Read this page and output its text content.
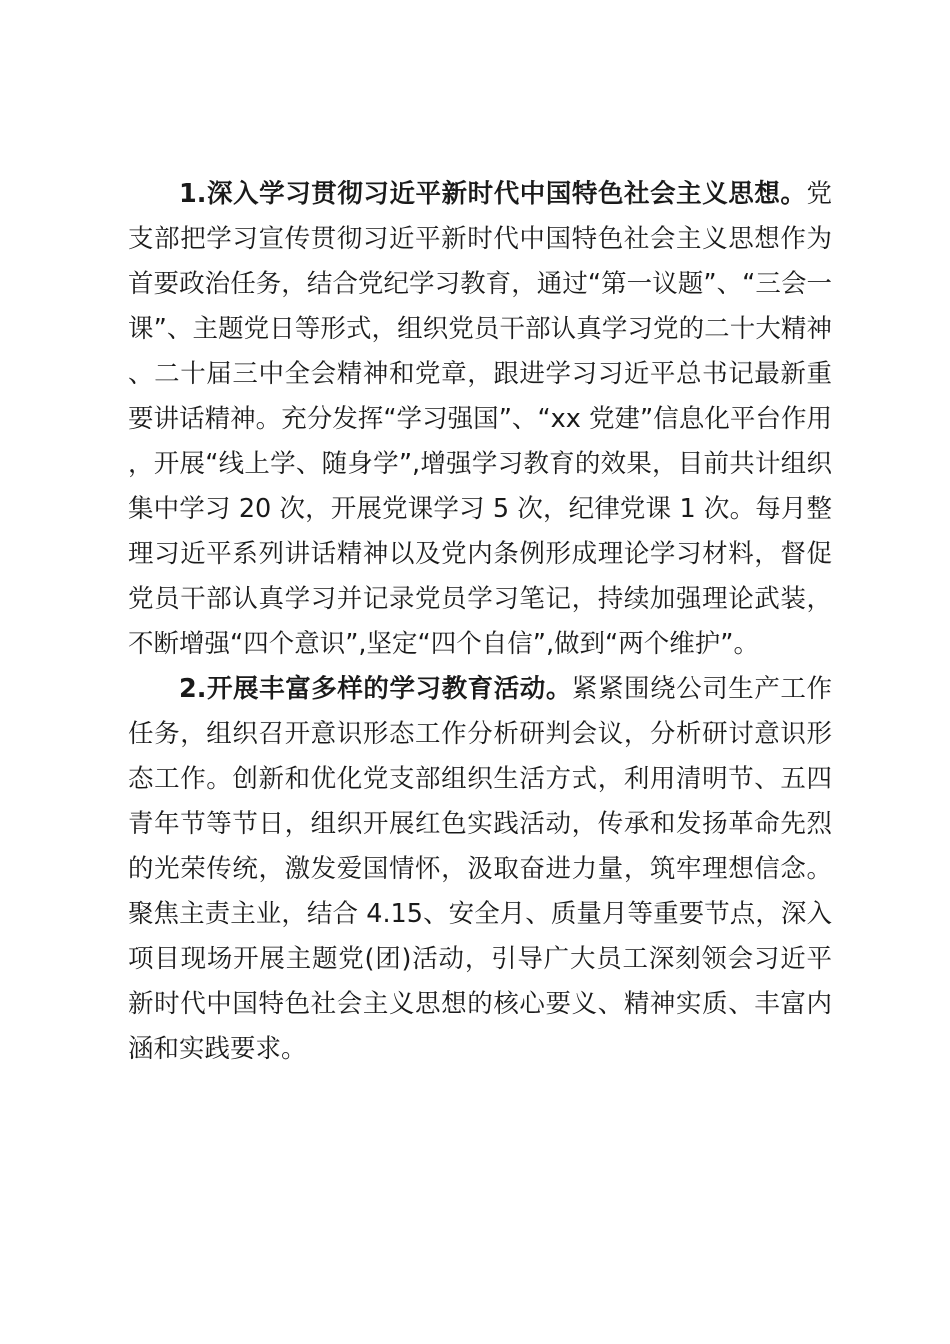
1.深入学习贯彻习近平新时代中国特色社会主义思想。党支部把学习宣传贯彻习近平新时代中国特色社会主义思想作为首要政治任务，结合党纪学习教育，通过“第一议题”、“三会一课”、主题党日等形式，组织党员干部认真学习党的二十大精神、二十届三中全会精神和党章，跟进学习习近平总书记最新重要讲话精神。充分发挥“学习强国”、“xx 党建”信息化平台作用，开展“线上学、随身学”,增强学习教育的效果，目前共计组织集中学习 20 次，开展党课学习 5 次，纪律党课 1 次。每月整理习近平系列讲话精神以及党内条例形成理论学习材料，督促党员干部认真学习并记录党员学习笔记，持续加强理论武装，不断增强“四个意识”,坚定“四个自信”,做到“两个维护”。

2.开展丰富多样的学习教育活动。紧紧围绕公司生产工作任务，组织召开意识形态工作分析研判会议，分析研讨意识形态工作。创新和优化党支部组织生活方式，利用清明节、五四青年节等节日，组织开展红色实践活动，传承和发扬革命先烈的光荣传统，激发爱国情怀，汲取奋进力量，筑牢理想信念。聚焦主责主业，结合 4.15、安全月、质量月等重要节点，深入项目现场开展主题党(团)活动，引导广大员工深刻领会习近平新时代中国特色社会主义思想的核心要义、精神实质、丰富内涵和实践要求。
